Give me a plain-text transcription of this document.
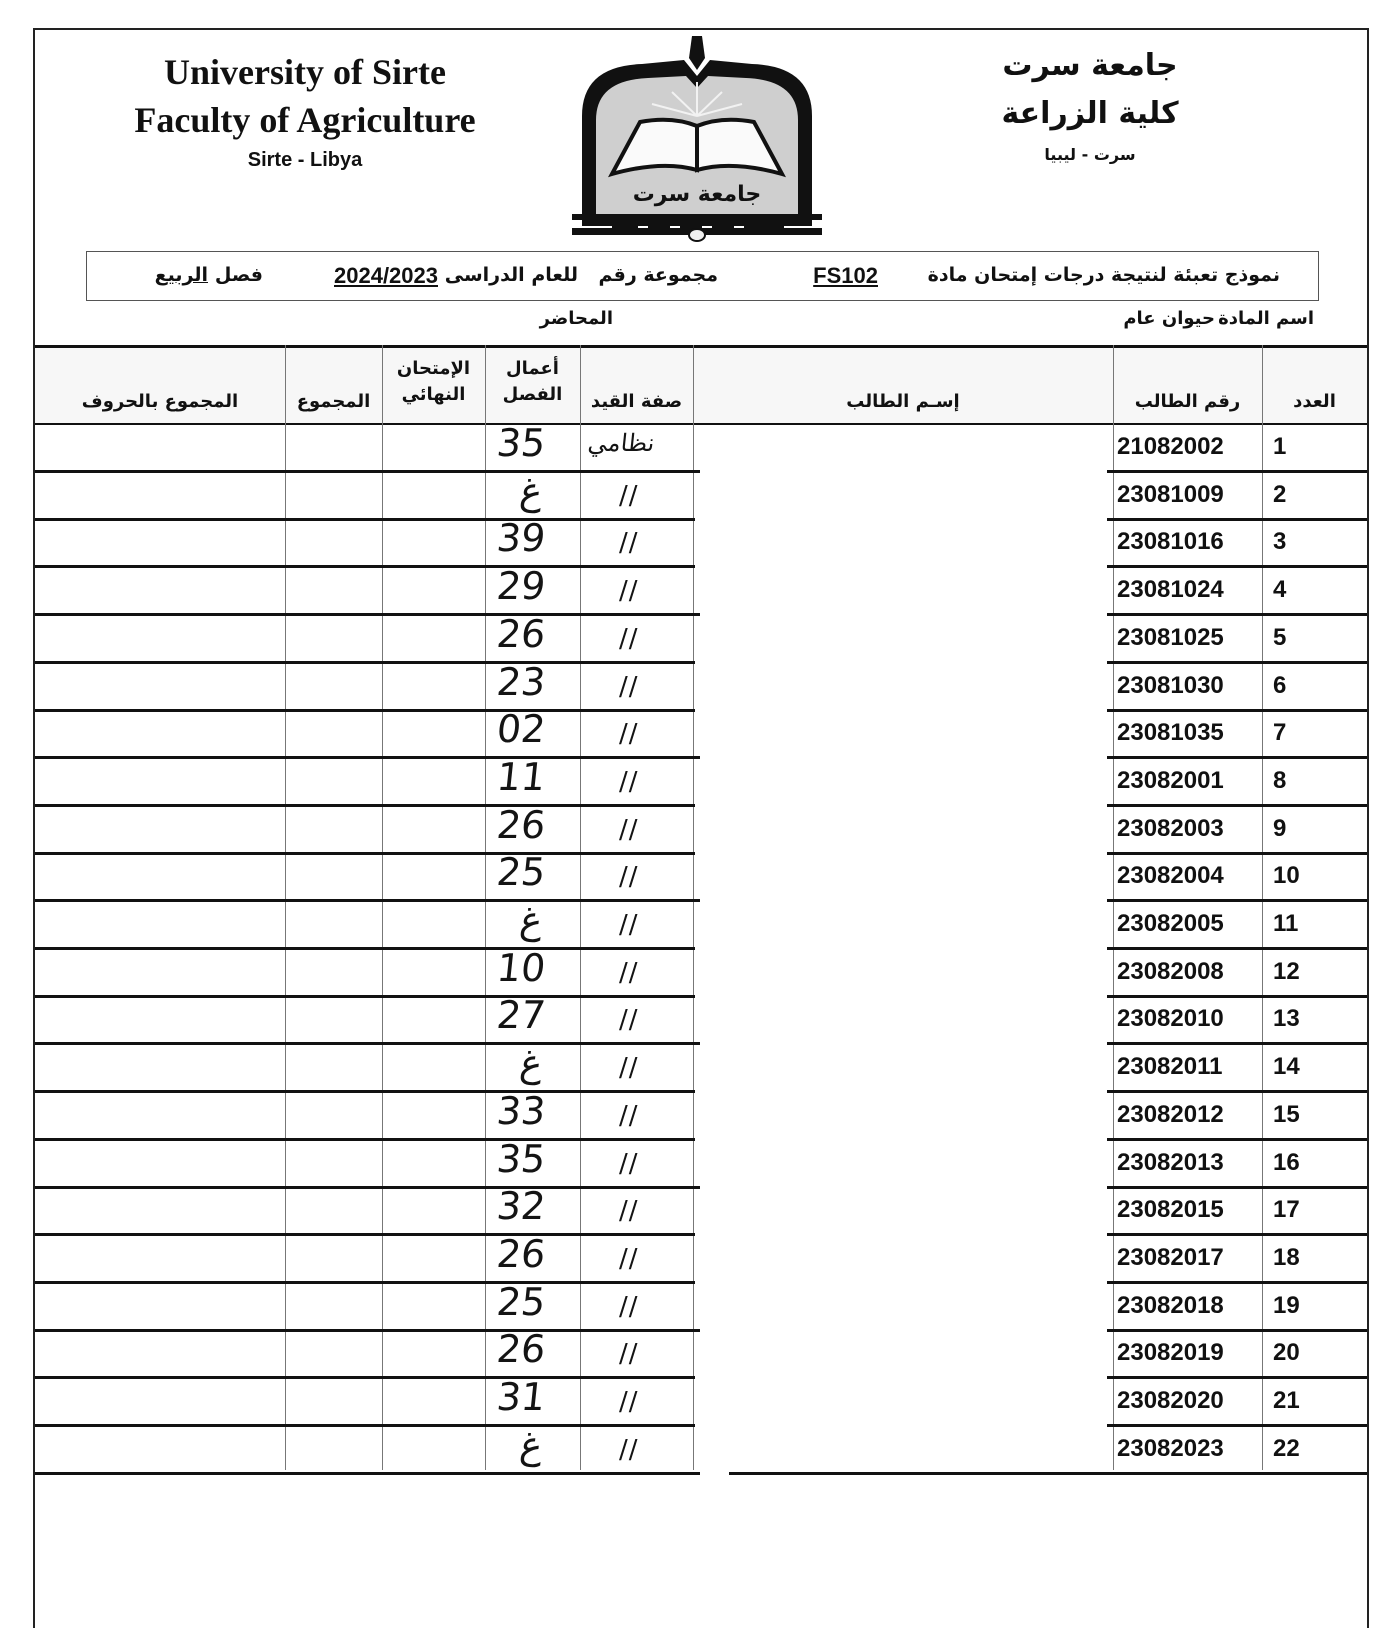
University of Sirte
Faculty of Agriculture
Sirte - Libya
جامعة سرت
جامعة سرت
كلية الزراعة
سرت - ليبيا
نموذج تعبئة لنتيجة درجات إمتحان مادة
FS102
مجموعة رقم
للعام الدراسى
2024/2023
فصل
الربيع
اسم المادة
حيوان عام
المحاضر
العدد
رقم الطالب
إسـم الطالب
صفة القيد
أعمال
الفصل
الإمتحان
النهائي
المجموع
المجموع بالحروف
1
21082002
نظامي
35
2
23081009
//
غ
3
23081016
//
39
4
23081024
//
29
5
23081025
//
26
6
23081030
//
23
7
23081035
//
02
8
23082001
//
11
9
23082003
//
26
10
23082004
//
25
11
23082005
//
غ
12
23082008
//
10
13
23082010
//
27
14
23082011
//
غ
15
23082012
//
33
16
23082013
//
35
17
23082015
//
32
18
23082017
//
26
19
23082018
//
25
20
23082019
//
26
21
23082020
//
31
22
23082023
//
غ
